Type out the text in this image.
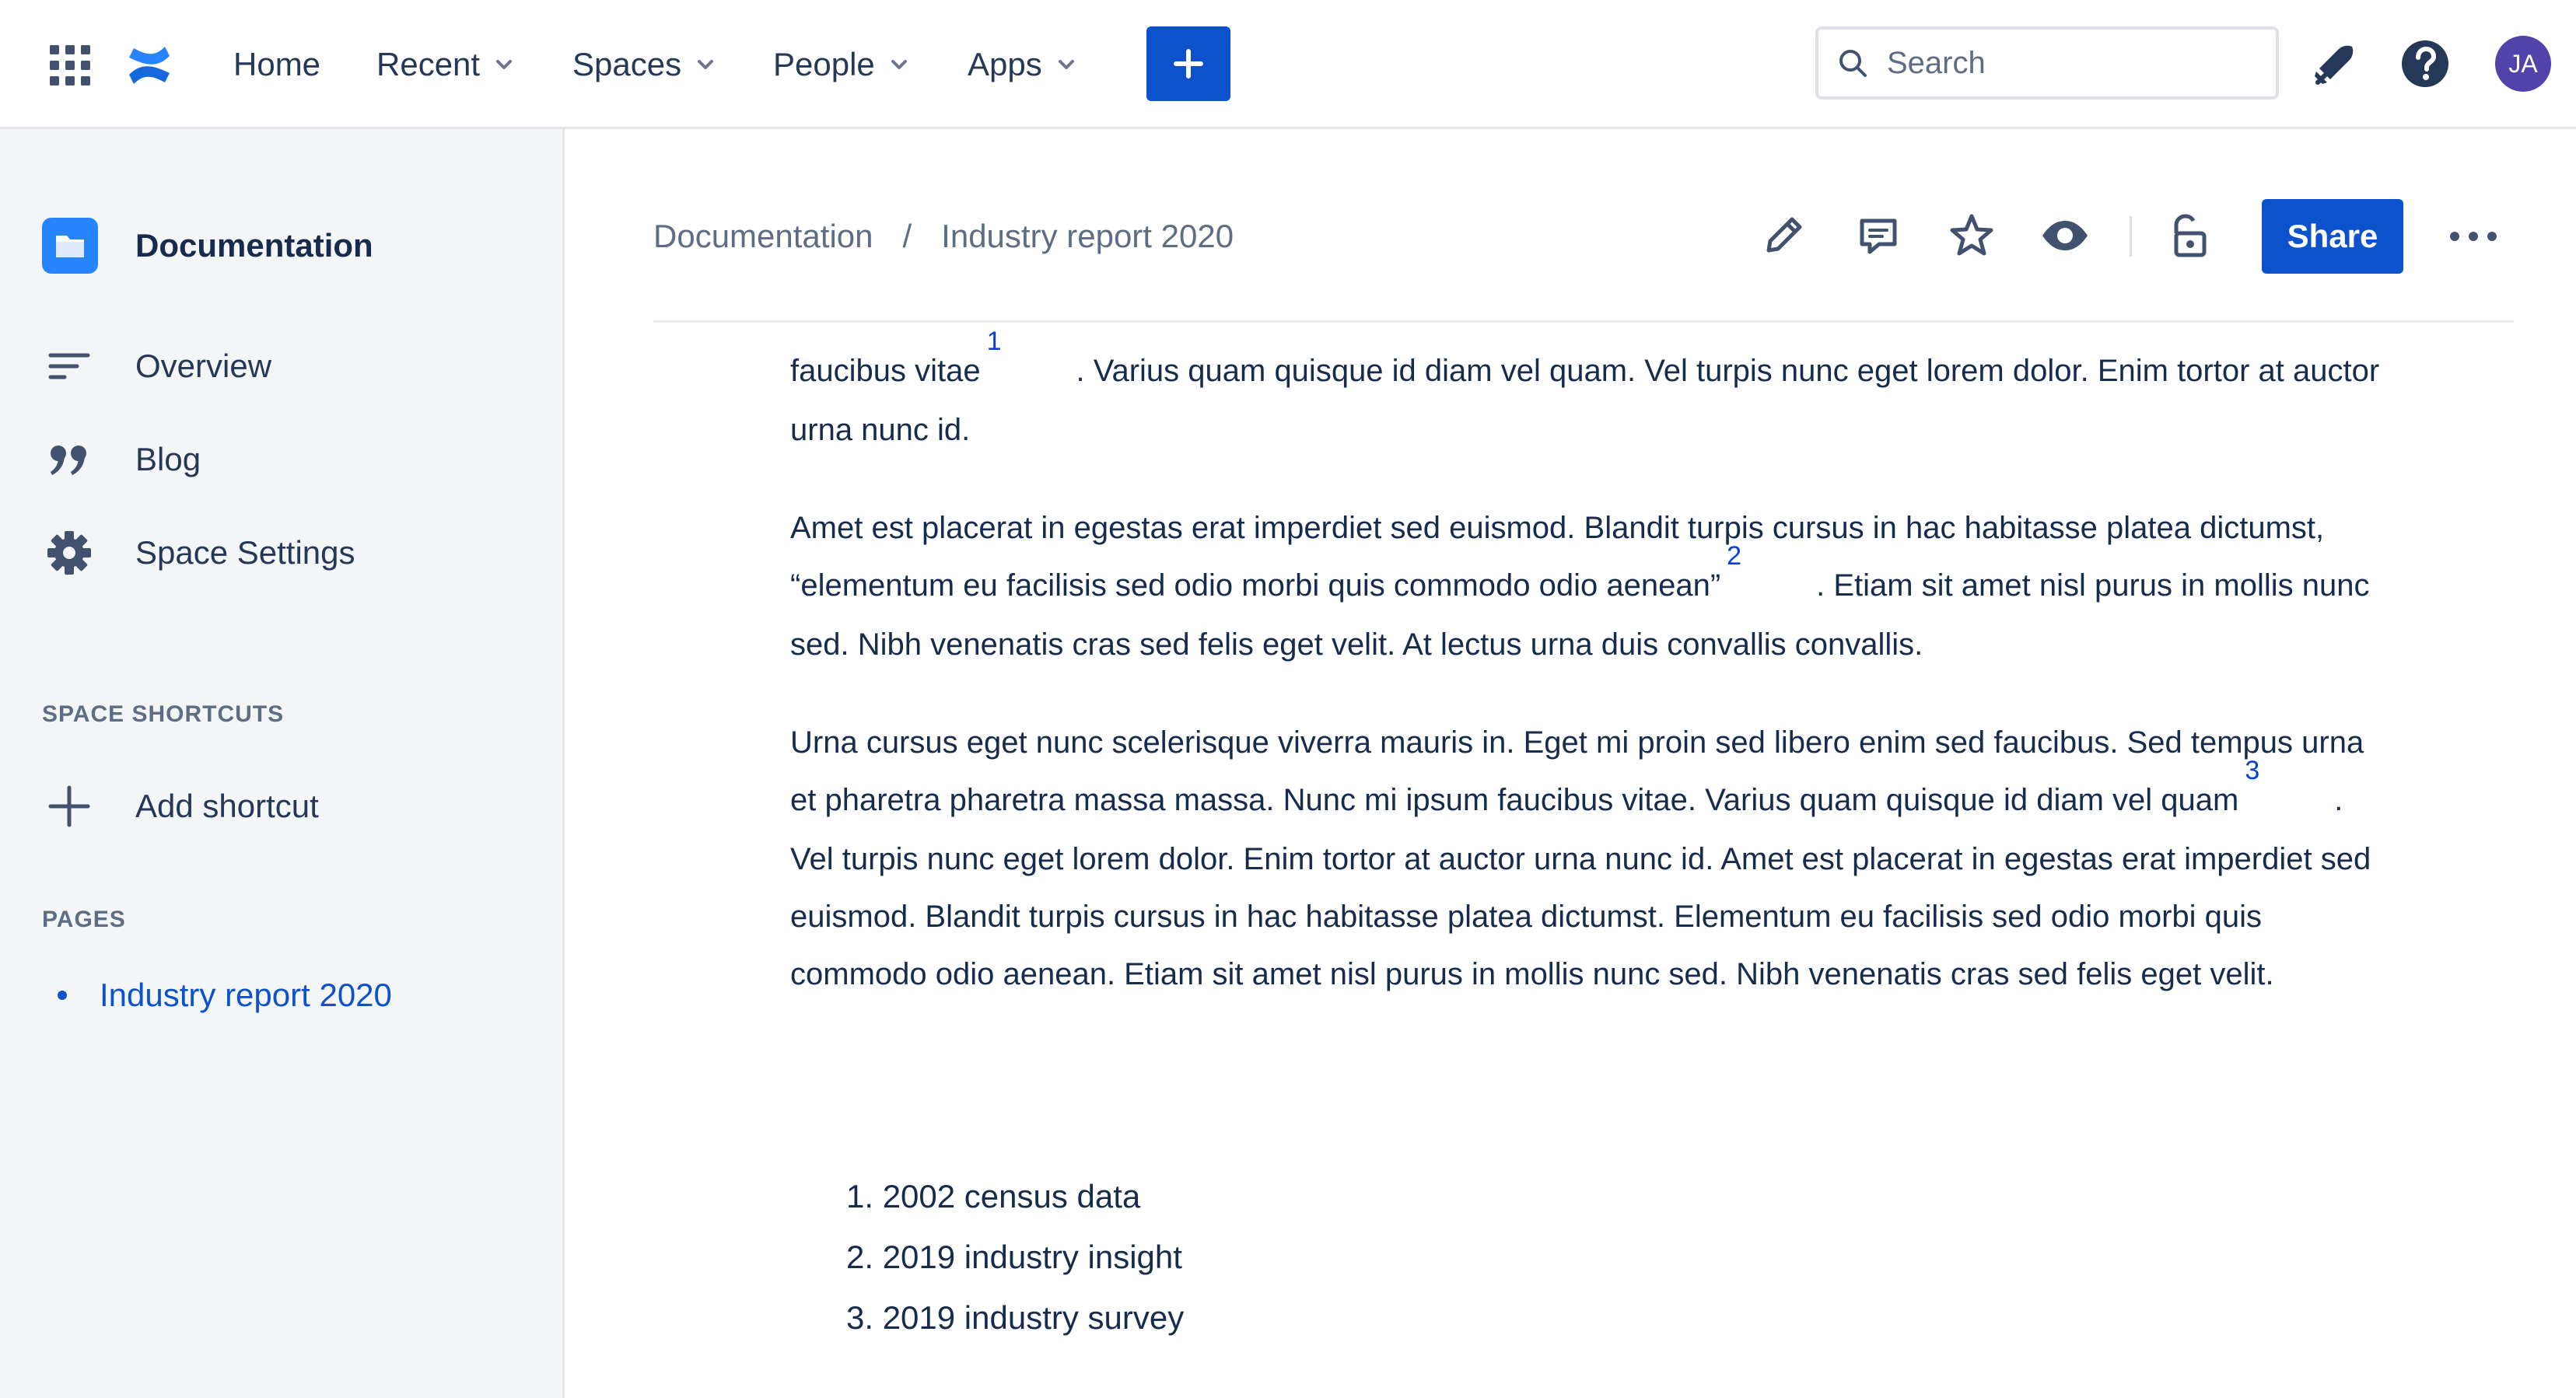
Home Recent	Spaces	People	Apps
Search	JA
Documentation
Overview
Blog
Space Settings
SPACE SHORTCUTS
Add shortcut
PAGES
Industry report 2020
Documentation / Industry report 2020	Share

faucibus vitae$^1$. Varius quam quisque id diam vel quam. Vel turpis nunc eget lorem dolor. Enim tortor at auctor urna nunc id.

Amet est placerat in egestas erat imperdiet sed euismod. Blandit turpis cursus in hac habitasse platea dictumst, “elementum eu facilisis sed odio morbi quis commodo odio aenean”$^2$. Etiam sit amet nisl purus in mollis nunc sed. Nibh venenatis cras sed felis eget velit. At lectus urna duis convallis convallis.

Urna cursus eget nunc scelerisque viverra mauris in. Eget mi proin sed libero enim sed faucibus. Sed tempus urna et pharetra pharetra massa massa. Nunc mi ipsum faucibus vitae. Varius quam quisque id diam vel quam$^3$. Vel turpis nunc eget lorem dolor. Enim tortor at auctor urna nunc id. Amet est placerat in egestas erat imperdiet sed euismod. Blandit turpis cursus in hac habitasse platea dictumst. Elementum eu facilisis sed odio morbi quis commodo odio aenean. Etiam sit amet nisl purus in mollis nunc sed. Nibh venenatis cras sed felis eget velit.

1. 2002 census data
2. 2019 industry insight
3. 2019 industry survey
